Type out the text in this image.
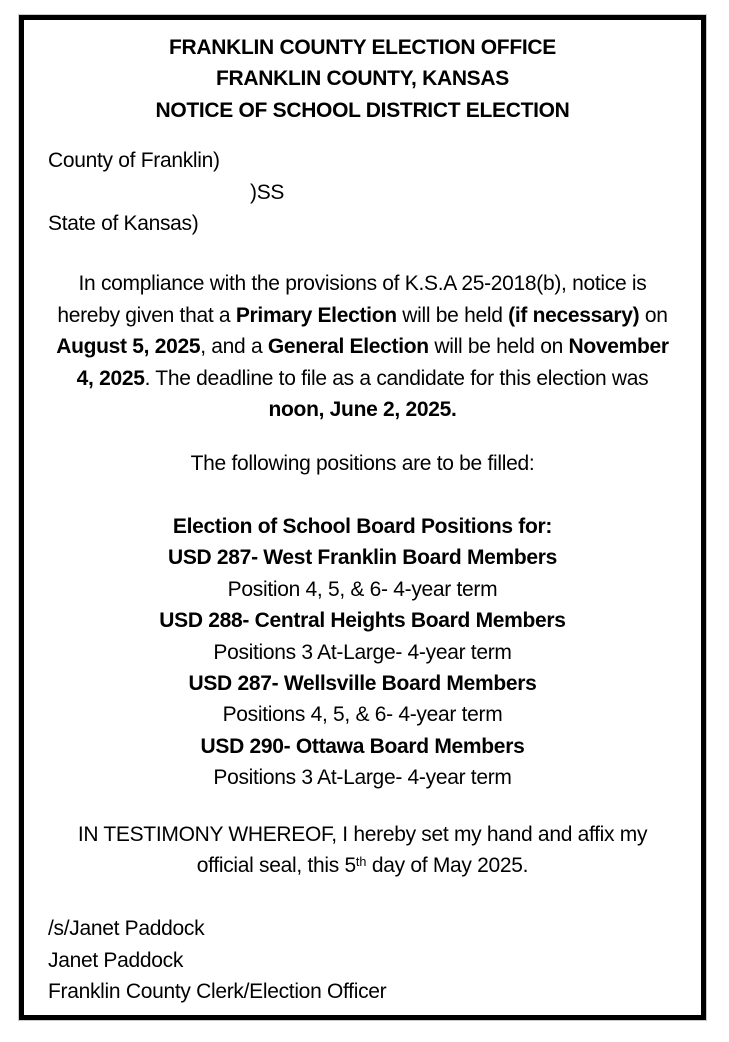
FRANKLIN COUNTY ELECTION OFFICE
FRANKLIN COUNTY, KANSAS
NOTICE OF SCHOOL DISTRICT ELECTION
County of Franklin)
)SS
State of Kansas)
In compliance with the provisions of K.S.A 25-2018(b), notice is
hereby given that a Primary Election will be held (if necessary) on
August 5, 2025 , and a General Election will be held on November
4, 2025 . The deadline to file as a candidate for this election was
noon, June 2, 2025.
The following positions are to be filled:
Election of School Board Positions for:
USD 287- West Franklin Board Members
Position 4, 5, & 6- 4-year term
USD 288- Central Heights Board Members
Positions 3 At-Large- 4-year term
USD 287- Wellsville Board Members
Positions 4, 5, & 6- 4-year term
USD 290- Ottawa Board Members
Positions 3 At-Large- 4-year term
IN TESTIMONY WHEREOF, I hereby set my hand and affix my
official seal, this 5th day of May 2025.
/s/Janet Paddock
Janet Paddock
Franklin County Clerk/Election Officer
